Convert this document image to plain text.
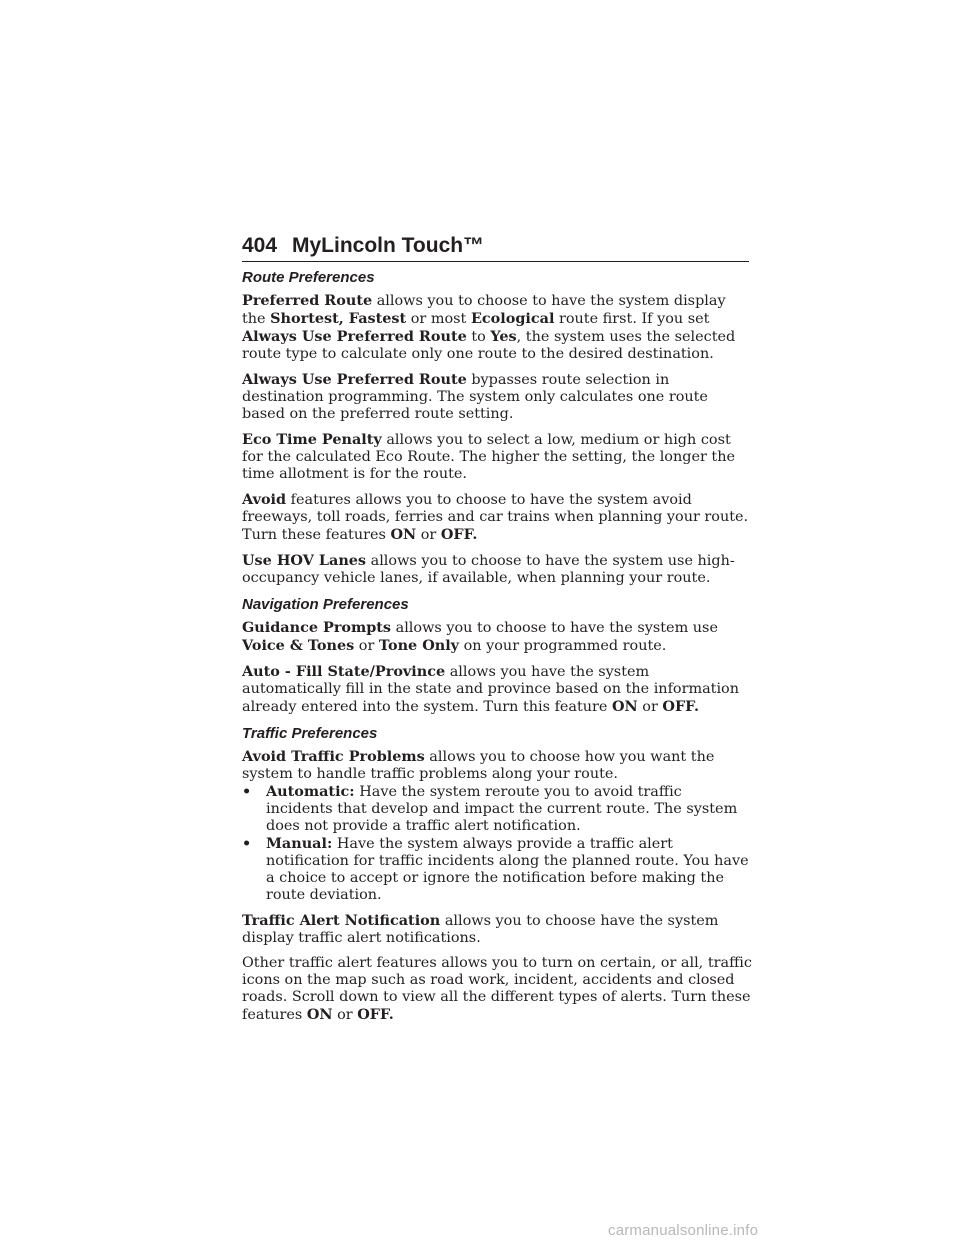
404 MyLincoln Touch™
Route Preferences

Preferred Route allows you to choose to have the system display the Shortest, Fastest or most Ecological route first. If you set Always Use Preferred Route to Yes, the system uses the selected route type to calculate only one route to the desired destination.

Always Use Preferred Route bypasses route selection in destination programming. The system only calculates one route based on the preferred route setting.

Eco Time Penalty allows you to select a low, medium or high cost for the calculated Eco Route. The higher the setting, the longer the time allotment is for the route.

Avoid features allows you to choose to have the system avoid freeways, toll roads, ferries and car trains when planning your route. Turn these features ON or OFF.

Use HOV Lanes allows you to choose to have the system use high-occupancy vehicle lanes, if available, when planning your route.

Navigation Preferences

Guidance Prompts allows you to choose to have the system use Voice & Tones or Tone Only on your programmed route.

Auto - Fill State/Province allows you have the system automatically fill in the state and province based on the information already entered into the system. Turn this feature ON or OFF.

Traffic Preferences

Avoid Traffic Problems allows you to choose how you want the system to handle traffic problems along your route.

• Automatic: Have the system reroute you to avoid traffic incidents that develop and impact the current route. The system does not provide a traffic alert notification.
• Manual: Have the system always provide a traffic alert notification for traffic incidents along the planned route. You have a choice to accept or ignore the notification before making the route deviation.

Traffic Alert Notification allows you to choose have the system display traffic alert notifications.

Other traffic alert features allows you to turn on certain, or all, traffic icons on the map such as road work, incident, accidents and closed roads. Scroll down to view all the different types of alerts. Turn these features ON or OFF.

carmanualsonline.info
